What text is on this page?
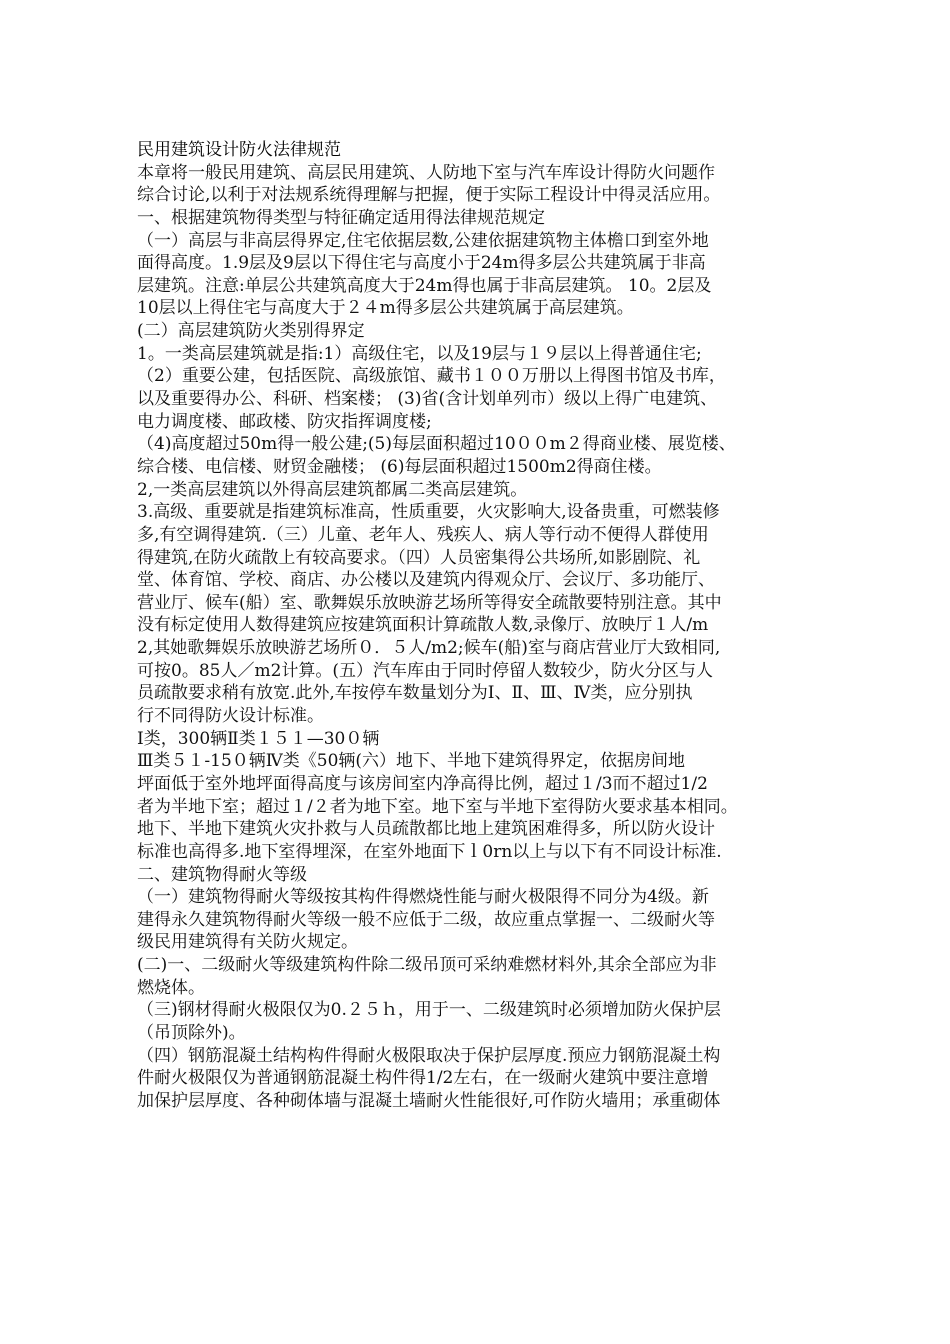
民用建筑设计防火法律规范
本章将一般民用建筑、高层民用建筑、人防地下室与汽车库设计得防火问题作
综合讨论,以利于对法规系统得理解与把握，便于实际工程设计中得灵活应用。
一、根据建筑物得类型与特征确定适用得法律规范规定
（一）高层与非高层得界定,住宅依据层数,公建依据建筑物主体檐口到室外地
面得高度。1.9层及9层以下得住宅与高度小于24m得多层公共建筑属于非高
层建筑。注意:单层公共建筑高度大于24m得也属于非高层建筑。 10。2层及
10层以上得住宅与高度大于２４m得多层公共建筑属于高层建筑。
(二）高层建筑防火类别得界定
1。一类高层建筑就是指:1）高级住宅，以及19层与１９层以上得普通住宅;
（2）重要公建，包括医院、高级旅馆、藏书１００万册以上得图书馆及书库，
以及重要得办公、科研、档案楼； (3)省(含计划单列市）级以上得广电建筑、
电力调度楼、邮政楼、防灾指挥调度楼;
（4)高度超过50m得一般公建;(5)每层面积超过10００m２得商业楼、展览楼、
综合楼、电信楼、财贸金融楼； (6)每层面积超过1500m2得商住楼。
2,一类高层建筑以外得高层建筑都属二类高层建筑。
3.高级、重要就是指建筑标准高，性质重要，火灾影响大,设备贵重，可燃装修
多,有空调得建筑.（三）儿童、老年人、残疾人、病人等行动不便得人群使用
得建筑,在防火疏散上有较高要求。（四）人员密集得公共场所,如影剧院、礼
堂、体育馆、学校、商店、办公楼以及建筑内得观众厅、会议厅、多功能厅、
营业厅、候车(船）室、歌舞娱乐放映游艺场所等得安全疏散要特别注意。其中
没有标定使用人数得建筑应按建筑面积计算疏散人数,录像厅、放映厅１人/m
2,其她歌舞娱乐放映游艺场所０．５人/m2;候车(船)室与商店营业厅大致相同,
可按0。85人／m2计算。(五）汽车库由于同时停留人数较少，防火分区与人
员疏散要求稍有放宽.此外,车按停车数量划分为Ⅰ、Ⅱ、Ⅲ、Ⅳ类，应分别执
行不同得防火设计标准。
Ⅰ类，300辆Ⅱ类１５１—30０辆
Ⅲ类５１-15０辆Ⅳ类《50辆(六）地下、半地下建筑得界定，依据房间地
坪面低于室外地坪面得高度与该房间室内净高得比例，超过１/3而不超过1/2
者为半地下室；超过１/２者为地下室。地下室与半地下室得防火要求基本相同。
地下、半地下建筑火灾扑救与人员疏散都比地上建筑困难得多，所以防火设计
标准也高得多.地下室得埋深，在室外地面下ｌ0rn以上与以下有不同设计标准.
二、建筑物得耐火等级
（一）建筑物得耐火等级按其构件得燃烧性能与耐火极限得不同分为4级。新
建得永久建筑物得耐火等级一般不应低于二级，故应重点掌握一、二级耐火等
级民用建筑得有关防火规定。
(二)一、二级耐火等级建筑构件除二级吊顶可采纳难燃材料外,其余全部应为非
燃烧体。
（三)钢材得耐火极限仅为0.２５ｈ，用于一、二级建筑时必须增加防火保护层
（吊顶除外)。
（四）钢筋混凝土结构构件得耐火极限取决于保护层厚度.预应力钢筋混凝土构
件耐火极限仅为普通钢筋混凝土构件得1/2左右，在一级耐火建筑中要注意增
加保护层厚度、各种砌体墙与混凝土墙耐火性能很好,可作防火墙用；承重砌体
